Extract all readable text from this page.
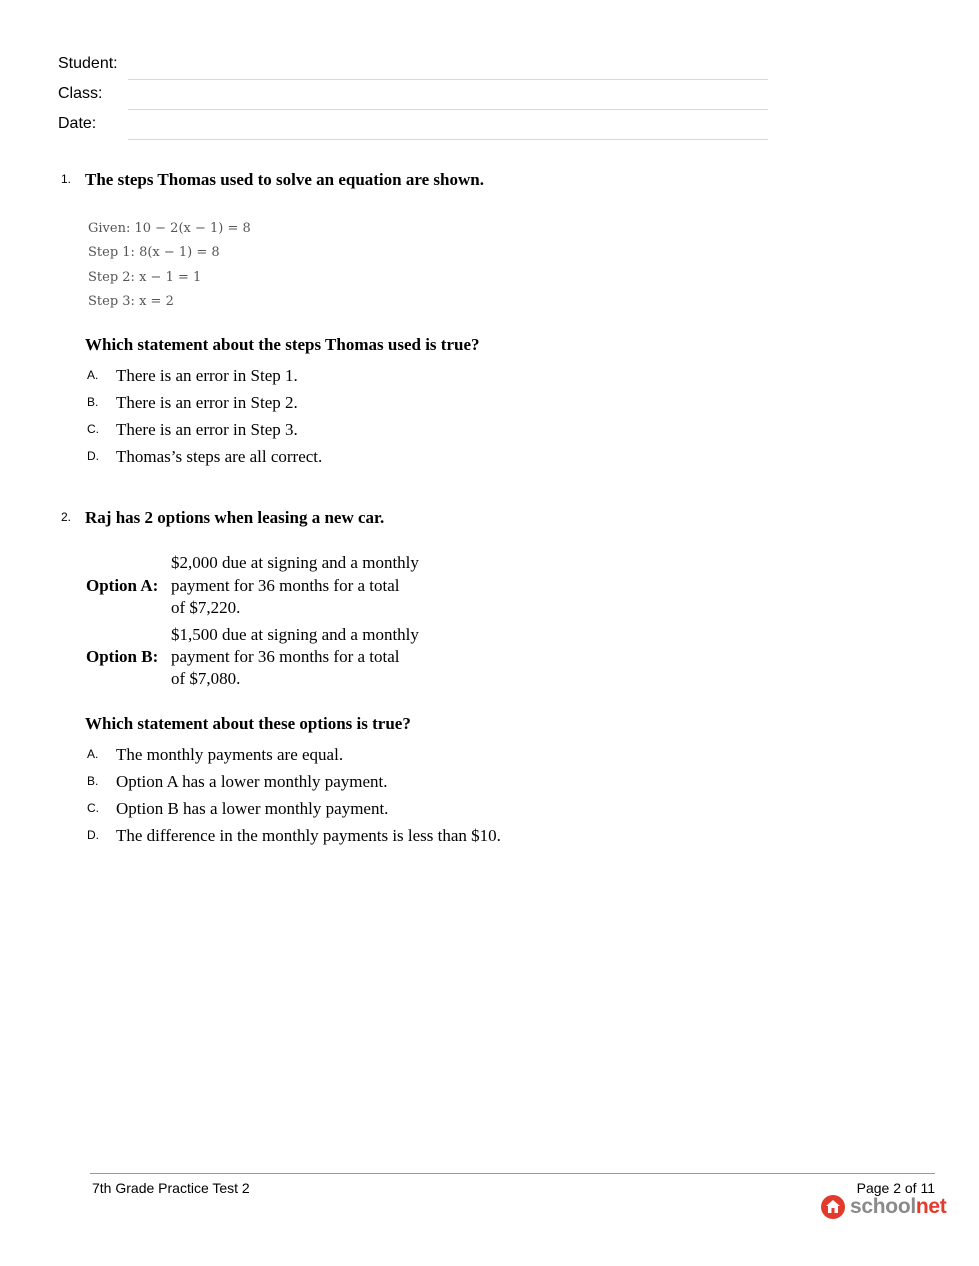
Student:
Class:
Date:
1. The steps Thomas used to solve an equation are shown.
Given: 10 − 2(x − 1) = 8
Step 1: 8(x − 1) = 8
Step 2: x − 1 = 1
Step 3: x = 2
Which statement about the steps Thomas used is true?
A. There is an error in Step 1.
B. There is an error in Step 2.
C. There is an error in Step 3.
D. Thomas’s steps are all correct.
2. Raj has 2 options when leasing a new car.
Option A:
$2,000 due at signing and a monthly
payment for 36 months for a total
of $7,220.
Option B:
$1,500 due at signing and a monthly
payment for 36 months for a total
of $7,080.
Which statement about these options is true?
A. The monthly payments are equal.
B. Option A has a lower monthly payment.
C. Option B has a lower monthly payment.
D. The difference in the monthly payments is less than $10.
7th Grade Practice Test 2	Page 2 of 11
schoolnet
